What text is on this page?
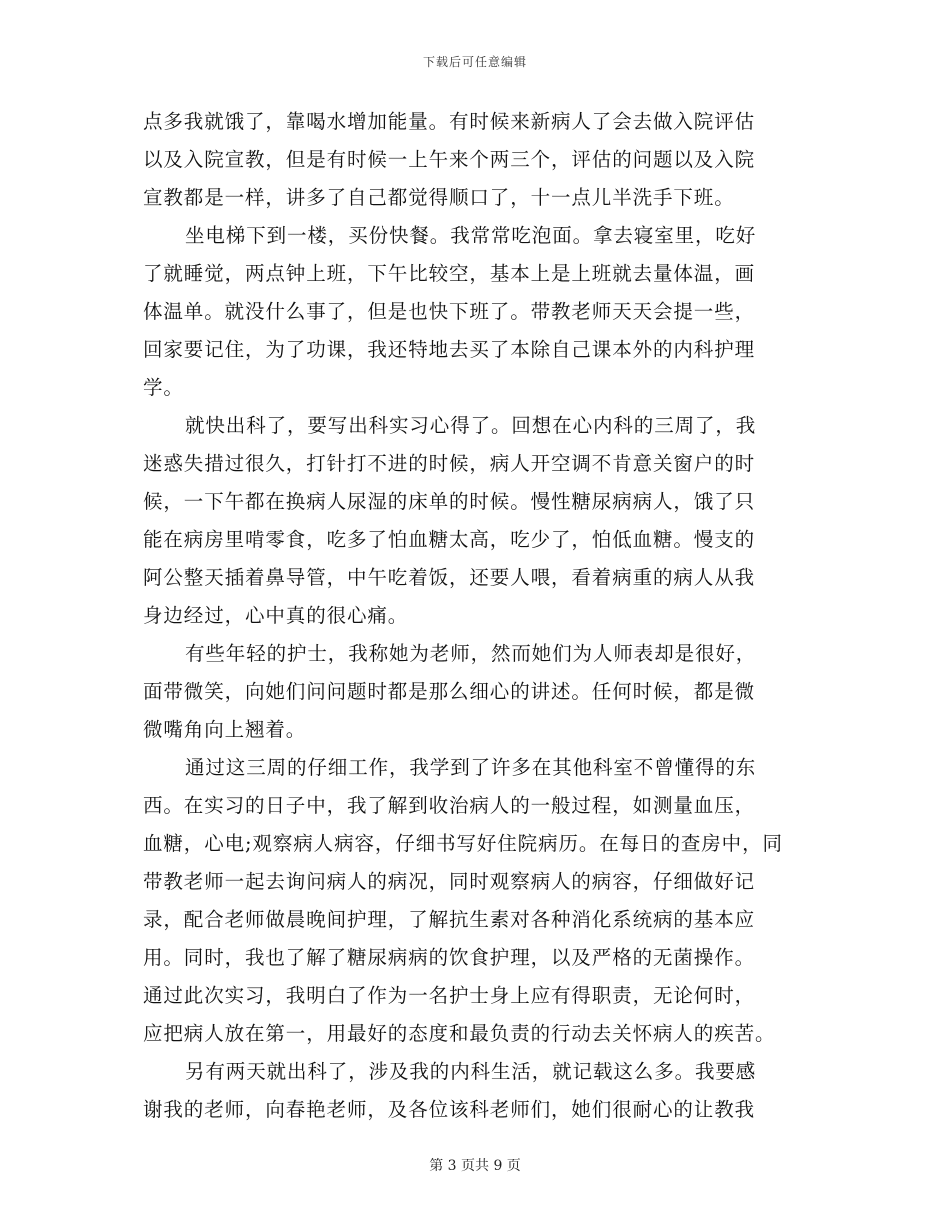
下载后可任意编辑
点多我就饿了，靠喝水增加能量。有时候来新病人了会去做入院评估
以及入院宣教，但是有时候一上午来个两三个，评估的问题以及入院
宣教都是一样，讲多了自己都觉得顺口了，十一点儿半洗手下班。
坐电梯下到一楼，买份快餐。我常常吃泡面。拿去寝室里，吃好
了就睡觉，两点钟上班，下午比较空，基本上是上班就去量体温，画
体温单。就没什么事了，但是也快下班了。带教老师天天会提一些，
回家要记住，为了功课，我还特地去买了本除自己课本外的内科护理
学。
就快出科了，要写出科实习心得了。回想在心内科的三周了，我
迷惑失措过很久，打针打不进的时候，病人开空调不肯意关窗户的时
候，一下午都在换病人尿湿的床单的时候。慢性糖尿病病人，饿了只
能在病房里啃零食，吃多了怕血糖太高，吃少了，怕低血糖。慢支的
阿公整天插着鼻导管，中午吃着饭，还要人喂，看着病重的病人从我
身边经过，心中真的很心痛。
有些年轻的护士，我称她为老师，然而她们为人师表却是很好，
面带微笑，向她们问问题时都是那么细心的讲述。任何时候，都是微
微嘴角向上翘着。
通过这三周的仔细工作，我学到了许多在其他科室不曾懂得的东
西。在实习的日子中，我了解到收治病人的一般过程，如测量血压，
血糖，心电;观察病人病容，仔细书写好住院病历。在每日的查房中，同
带教老师一起去询问病人的病况，同时观察病人的病容，仔细做好记
录，配合老师做晨晚间护理，了解抗生素对各种消化系统病的基本应
用。同时，我也了解了糖尿病病的饮食护理，以及严格的无菌操作。
通过此次实习，我明白了作为一名护士身上应有得职责，无论何时，
应把病人放在第一，用最好的态度和最负责的行动去关怀病人的疾苦。
另有两天就出科了，涉及我的内科生活，就记载这么多。我要感
谢我的老师，向春艳老师，及各位该科老师们，她们很耐心的让教我
第 3 页共 9 页
